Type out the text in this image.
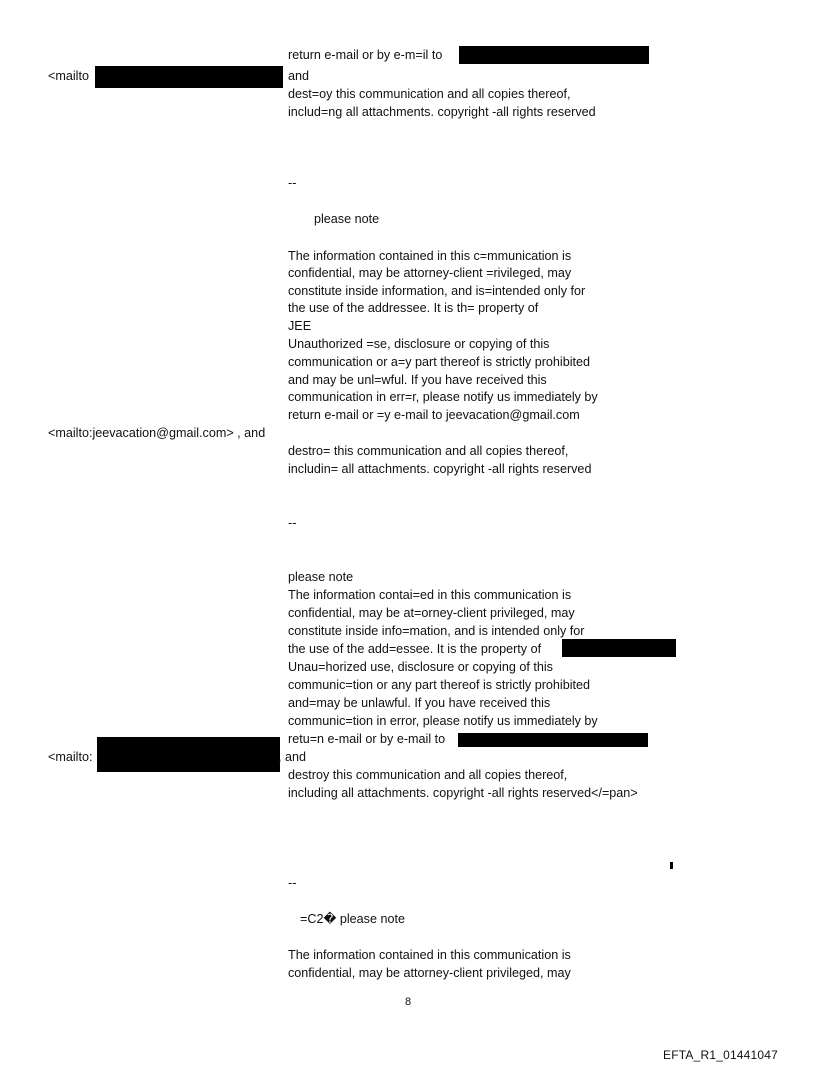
return e-mail or by e-m=il to
<mailto	and
dest=oy this communication and all copies thereof,
includ=ng all attachments. copyright -all rights reserved
--
please note
The information contained in this c=mmunication is
confidential, may be attorney-client =rivileged, may
constitute inside information, and is=intended only for
the use of the addressee. It is th= property of
JEE
Unauthorized =se, disclosure or copying of this
communication or a=y part thereof is strictly prohibited
and may be unl=wful. If you have received this
communication in err=r, please notify us immediately by
return e-mail or =y e-mail to jeevacation@gmail.com
<mailto:jeevacation@gmail.com> , and
destro= this communication and all copies thereof,
includin= all attachments. copyright -all rights reserved
--
please note
The information contai=ed in this communication is
confidential, may be at=orney-client privileged, may
constitute inside info=mation, and is intended only for
the use of the add=essee. It is the property of
Unau=horized use, disclosure or copying of this
communic=tion or any part thereof is strictly prohibited
and=may be unlawful. If you have received this
communic=tion in error, please notify us immediately by
retu=n e-mail or by e-mail to
<mailto:	, and
destroy this communication and all copies thereof,
including all attachments. copyright -all rights reserved</=pan>
--
=C2� please note
The information contained in this communication is
confidential, may be attorney-client privileged, may
8
EFTA_R1_01441047
